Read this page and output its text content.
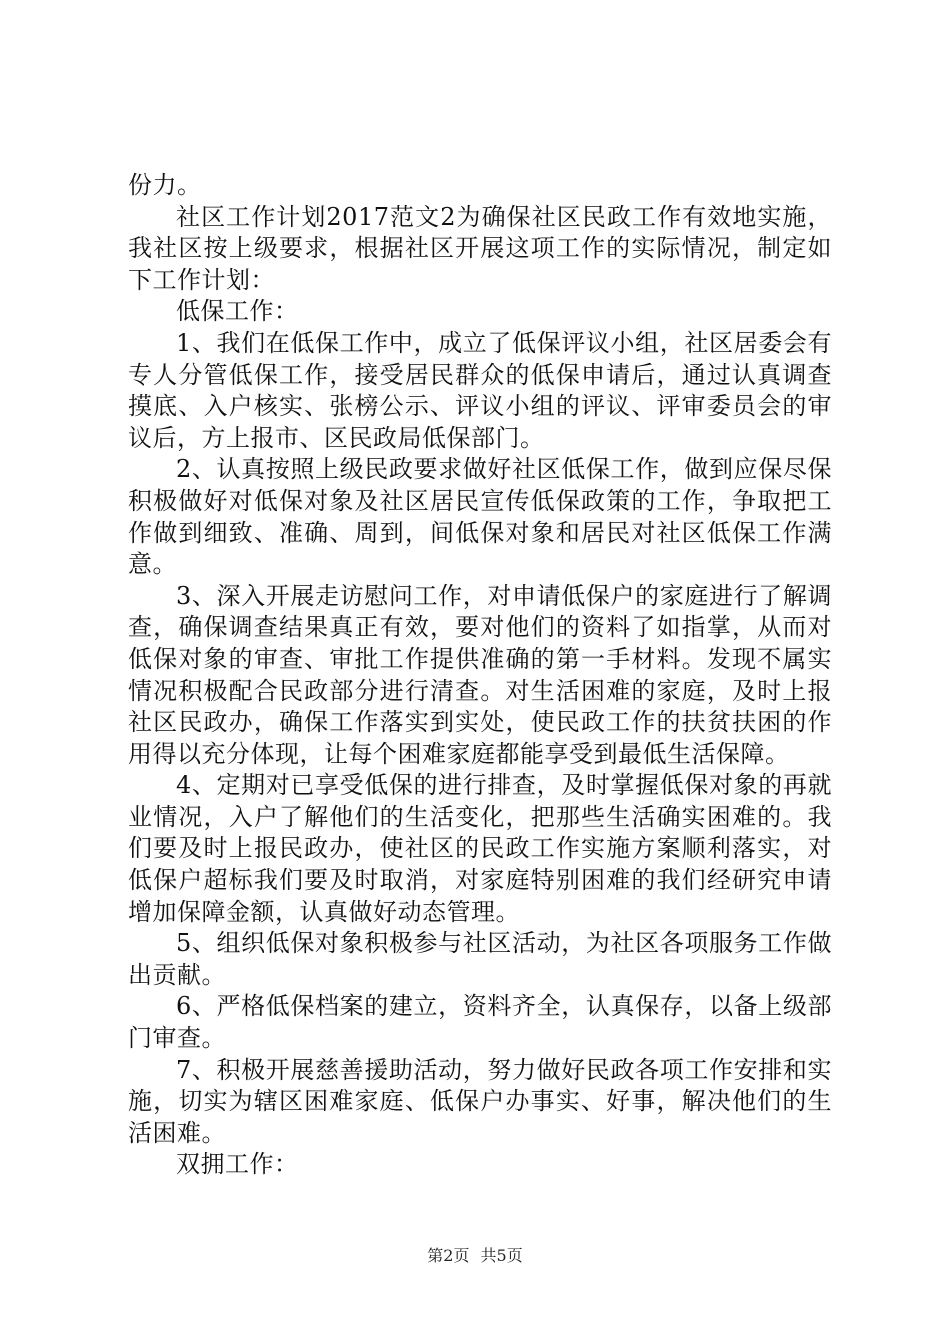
份力。

社区工作计划2017范文2为确保社区民政工作有效地实施，我社区按上级要求，根据社区开展这项工作的实际情况，制定如下工作计划：

低保工作：

1、我们在低保工作中，成立了低保评议小组，社区居委会有专人分管低保工作，接受居民群众的低保申请后，通过认真调查摸底、入户核实、张榜公示、评议小组的评议、评审委员会的审议后，方上报市、区民政局低保部门。

2、认真按照上级民政要求做好社区低保工作，做到应保尽保积极做好对低保对象及社区居民宣传低保政策的工作，争取把工作做到细致、准确、周到，间低保对象和居民对社区低保工作满意。

3、深入开展走访慰问工作，对申请低保户的家庭进行了解调查，确保调查结果真正有效，要对他们的资料了如指掌，从而对低保对象的审查、审批工作提供准确的第一手材料。发现不属实情况积极配合民政部分进行清查。对生活困难的家庭，及时上报社区民政办，确保工作落实到实处，使民政工作的扶贫扶困的作用得以充分体现，让每个困难家庭都能享受到最低生活保障。

4、定期对已享受低保的进行排查，及时掌握低保对象的再就业情况，入户了解他们的生活变化，把那些生活确实困难的。我们要及时上报民政办，使社区的民政工作实施方案顺利落实，对低保户超标我们要及时取消，对家庭特别困难的我们经研究申请增加保障金额，认真做好动态管理。

5、组织低保对象积极参与社区活动，为社区各项服务工作做出贡献。

6、严格低保档案的建立，资料齐全，认真保存，以备上级部门审查。

7、积极开展慈善援助活动，努力做好民政各项工作安排和实施，切实为辖区困难家庭、低保户办事实、好事，解决他们的生活困难。

双拥工作：

第2页 共5页
